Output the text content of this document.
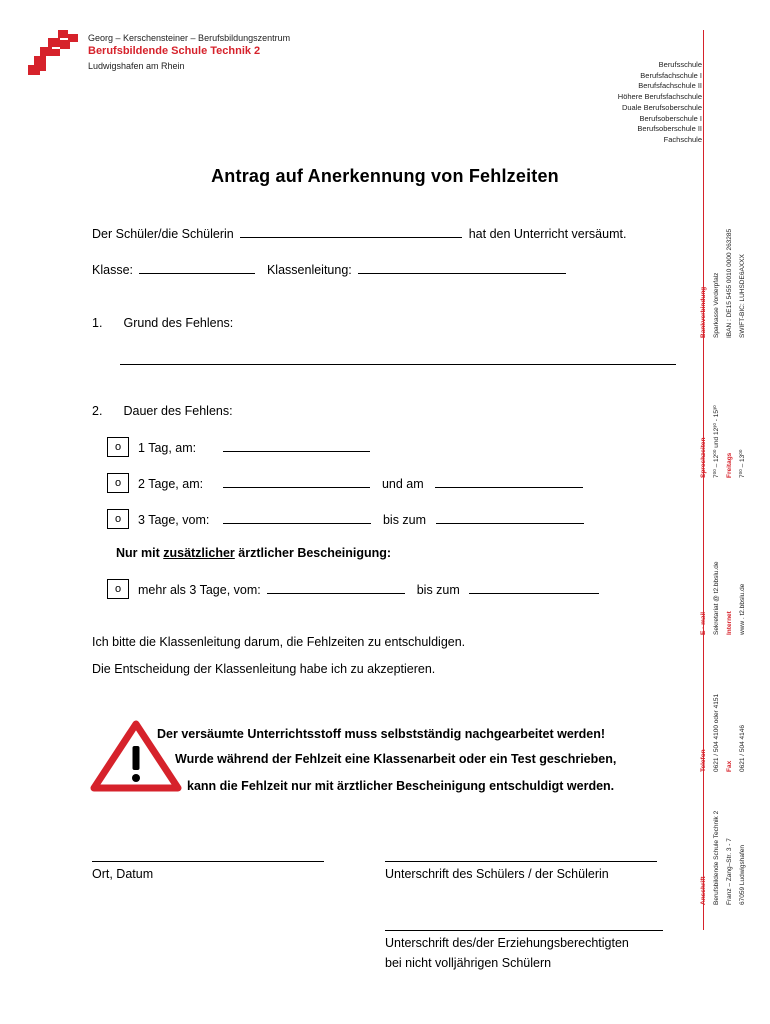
Georg – Kerschensteiner – Berufsbildungszentrum
Berufsbildende Schule Technik 2
Ludwigshafen am Rhein	Berufsschule
Berufsfachschule I
Berufsfachschule II
Höhere Berufsfachschule
Duale Berufsoberschule
Berufsoberschule I
Berufsoberschule II
Fachschule
Bankverbindung Sparkasse Vorderpfalz IBAN : DE15 5455 0010 0000 263285 SWIFT-BIC: LUHSDE6AXXX
Sprechzeiten 7⁰⁰ – 12⁰⁰ und 12³⁰ - 15³⁰ Freitags 7⁰⁰ – 13⁰⁰
E - mail Sekretariat @ t2.bbslu.de Internet www . t2.bbslu.de
Telefon 0621 / 504 4100 oder 4151 Fax 0621 / 504 4146
Anschrift Berufsbildende Schule Technik 2 Franz – Zang–Str. 3 - 7 67059 Ludwigshafen
Antrag auf Anerkennung von Fehlzeiten
Der Schüler/die Schülerin	hat den Unterricht versäumt.
Klasse:	Klassenleitung:
1. Grund des Fehlens:
2. Dauer des Fehlens:
o	1 Tag, am:
o	2 Tage, am:	und am
o	3 Tage, vom:	bis zum
Nur mit zusätzlicher ärztlicher Bescheinigung:
o	mehr als 3 Tage, vom:	bis zum
Ich bitte die Klassenleitung darum, die Fehlzeiten zu entschuldigen.
Die Entscheidung der Klassenleitung habe ich zu akzeptieren.
Der versäumte Unterrichtsstoff muss selbstständig nachgearbeitet werden!
Wurde während der Fehlzeit eine Klassenarbeit oder ein Test geschrieben,
kann die Fehlzeit nur mit ärztlicher Bescheinigung entschuldigt werden.
Ort, Datum	Unterschrift des Schülers / der Schülerin
Unterschrift des/der Erziehungsberechtigten
bei nicht volljährigen Schülern
